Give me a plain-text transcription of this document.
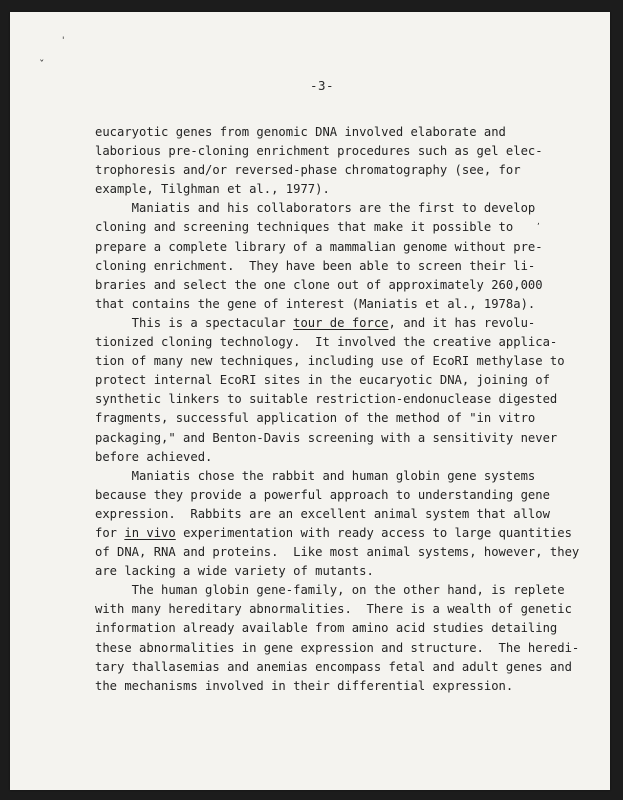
'
ˇ
,
-3-
eucaryotic genes from genomic DNA involved elaborate and
laborious pre-cloning enrichment procedures such as gel elec-
trophoresis and/or reversed-phase chromatography (see, for
example, Tilghman et al., 1977).
Maniatis and his collaborators are the first to develop
cloning and screening techniques that make it possible to
prepare a complete library of a mammalian genome without pre-
cloning enrichment.  They have been able to screen their li-
braries and select the one clone out of approximately 260,000
that contains the gene of interest (Maniatis et al., 1978a).
This is a spectacular tour de force, and it has revolu-
tionized cloning technology.  It involved the creative applica-
tion of many new techniques, including use of EcoRI methylase to
protect internal EcoRI sites in the eucaryotic DNA, joining of
synthetic linkers to suitable restriction-endonuclease digested
fragments, successful application of the method of "in vitro
packaging," and Benton-Davis screening with a sensitivity never
before achieved.
Maniatis chose the rabbit and human globin gene systems
because they provide a powerful approach to understanding gene
expression.  Rabbits are an excellent animal system that allow
for in vivo experimentation with ready access to large quantities
of DNA, RNA and proteins.  Like most animal systems, however, they
are lacking a wide variety of mutants.
The human globin gene-family, on the other hand, is replete
with many hereditary abnormalities.  There is a wealth of genetic
information already available from amino acid studies detailing
these abnormalities in gene expression and structure.  The heredi-
tary thallasemias and anemias encompass fetal and adult genes and
the mechanisms involved in their differential expression.
